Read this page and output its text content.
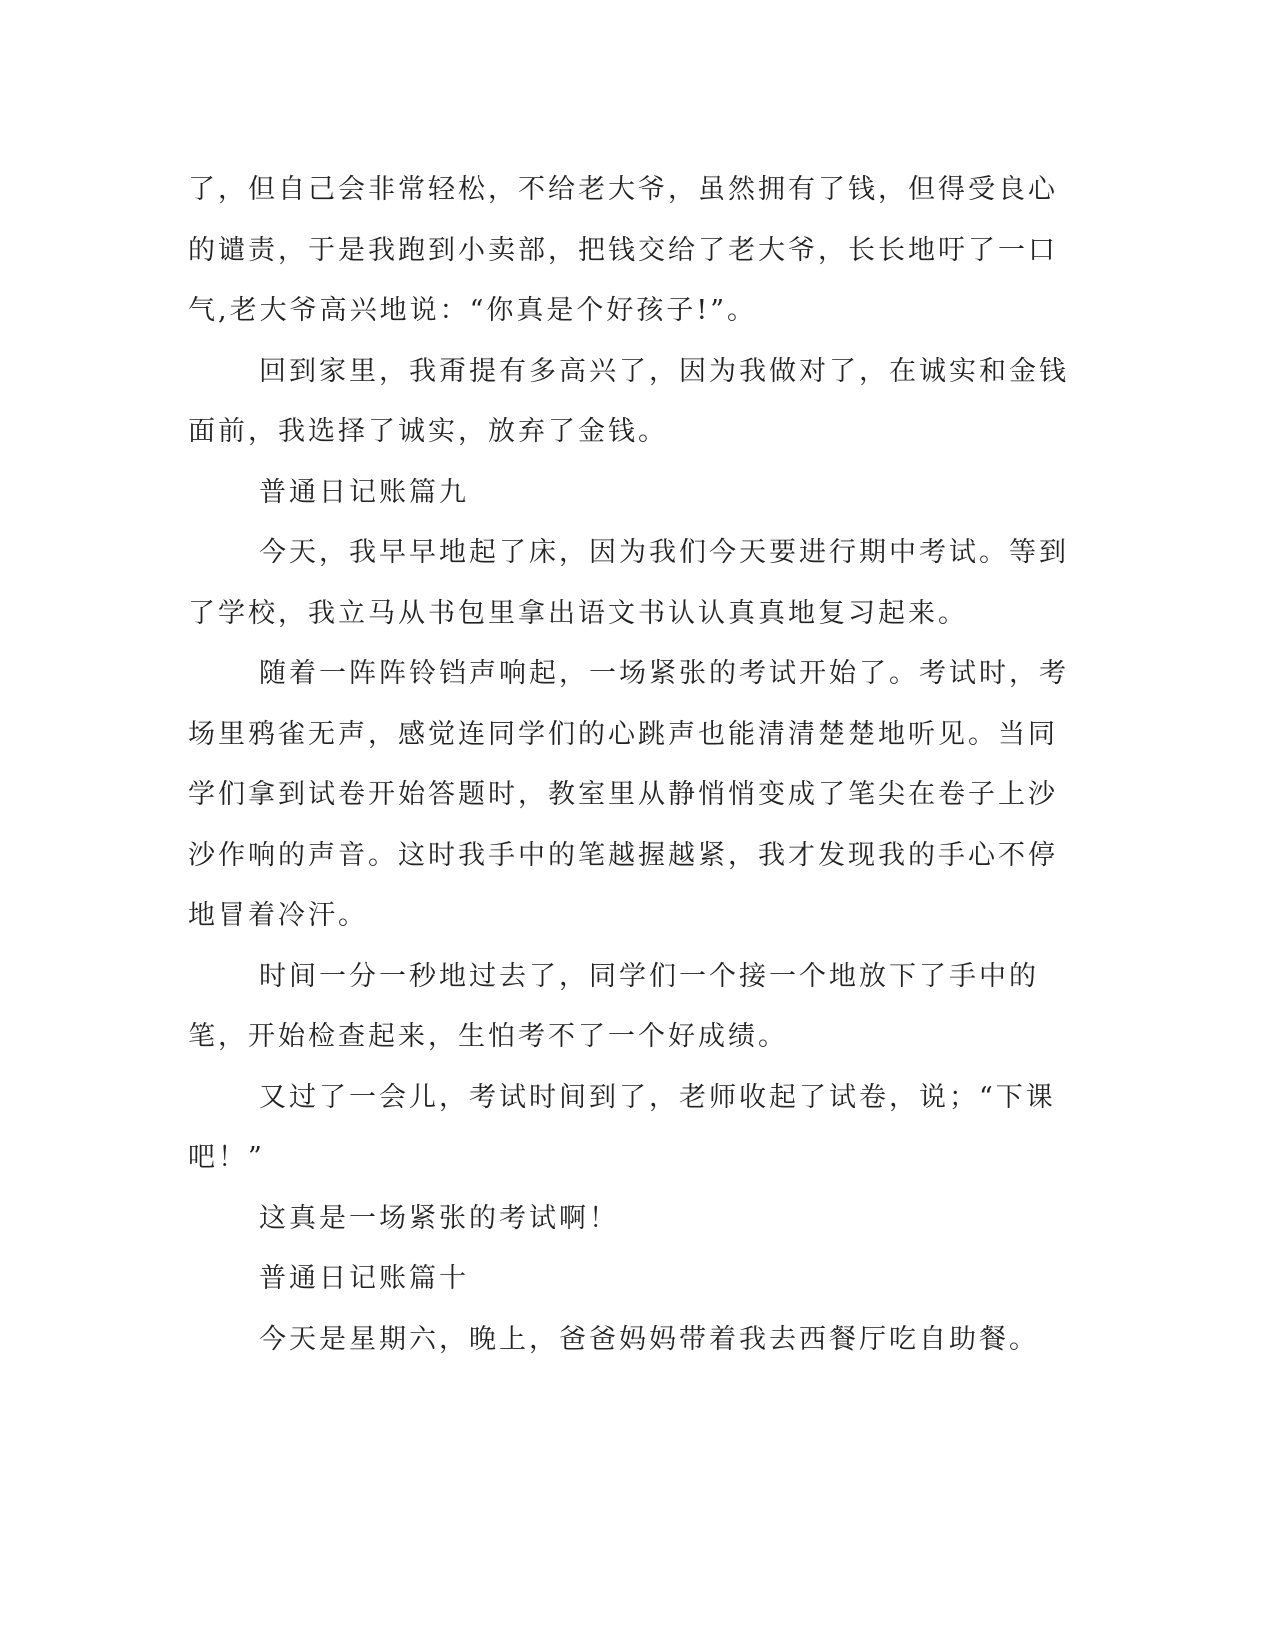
了，但自己会非常轻松，不给老大爷，虽然拥有了钱，但得受良心的谴责，于是我跑到小卖部，把钱交给了老大爷，长长地吁了一口气,老大爷高兴地说：“你真是个好孩子!”。

回到家里，我甭提有多高兴了，因为我做对了，在诚实和金钱面前，我选择了诚实，放弃了金钱。

普通日记账篇九

今天，我早早地起了床，因为我们今天要进行期中考试。等到了学校，我立马从书包里拿出语文书认认真真地复习起来。

随着一阵阵铃铛声响起，一场紧张的考试开始了。考试时，考场里鸦雀无声，感觉连同学们的心跳声也能清清楚楚地听见。当同学们拿到试卷开始答题时，教室里从静悄悄变成了笔尖在卷子上沙沙作响的声音。这时我手中的笔越握越紧，我才发现我的手心不停地冒着冷汗。

时间一分一秒地过去了，同学们一个接一个地放下了手中的笔，开始检查起来，生怕考不了一个好成绩。

又过了一会儿，考试时间到了，老师收起了试卷，说；“下课吧！”

这真是一场紧张的考试啊！

普通日记账篇十

今天是星期六，晚上，爸爸妈妈带着我去西餐厅吃自助餐。
